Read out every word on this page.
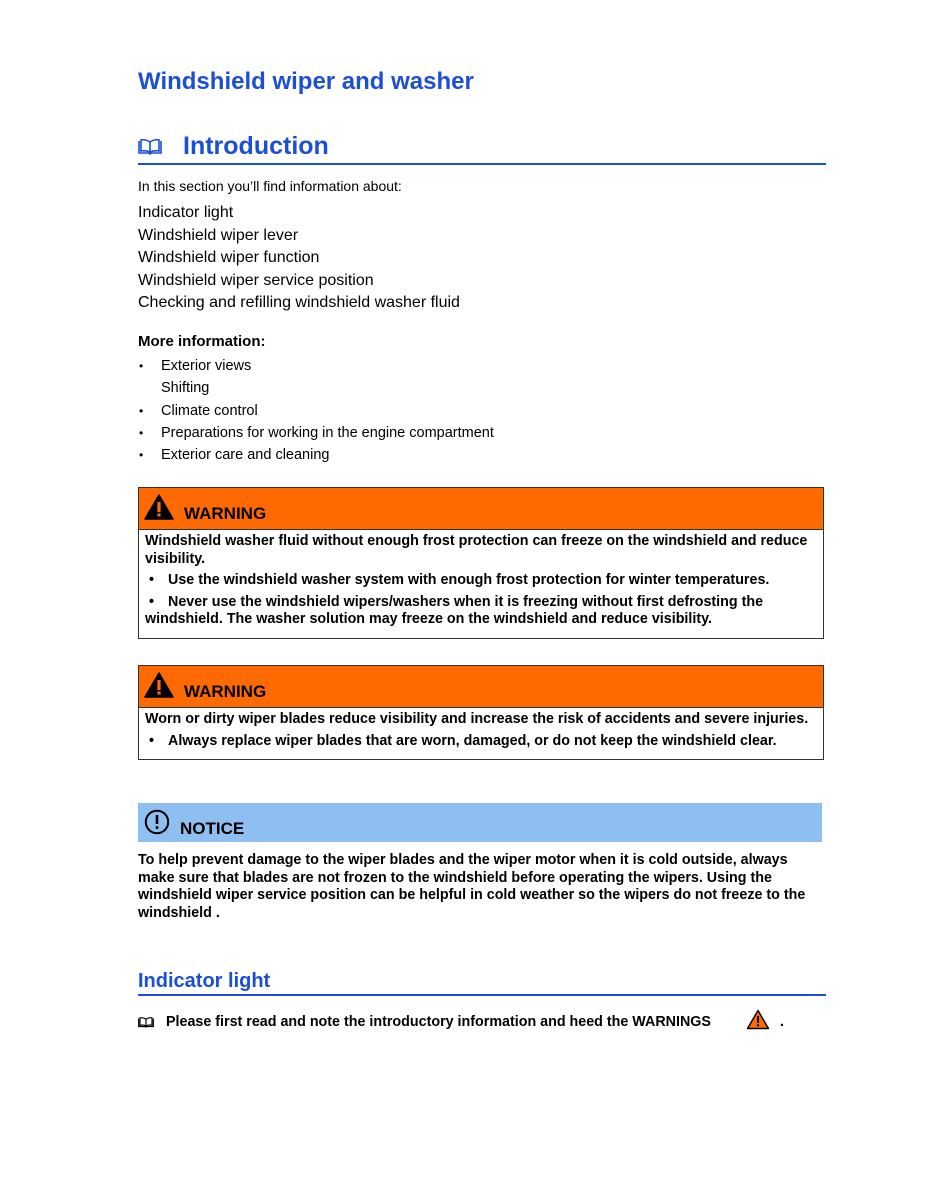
Windshield wiper and washer
Introduction
In this section you’ll find information about:
Indicator light
Windshield wiper lever
Windshield wiper function
Windshield wiper service position
Checking and refilling windshield washer fluid
More information:
• Exterior views
Shifting
• Climate control
• Preparations for working in the engine compartment
• Exterior care and cleaning
WARNING

Windshield washer fluid without enough frost protection can freeze on the windshield and reduce visibility.

• Use the windshield washer system with enough frost protection for winter temperatures.
• Never use the windshield wipers/washers when it is freezing without first defrosting the windshield. The washer solution may freeze on the windshield and reduce visibility.
WARNING

Worn or dirty wiper blades reduce visibility and increase the risk of accidents and severe injuries.

• Always replace wiper blades that are worn, damaged, or do not keep the windshield clear.
NOTICE

To help prevent damage to the wiper blades and the wiper motor when it is cold outside, always make sure that blades are not frozen to the windshield before operating the wipers. Using the windshield wiper service position can be helpful in cold weather so the wipers do not freeze to the windshield .

Indicator light
Please first read and note the introductory information and heed the WARNINGS	.
